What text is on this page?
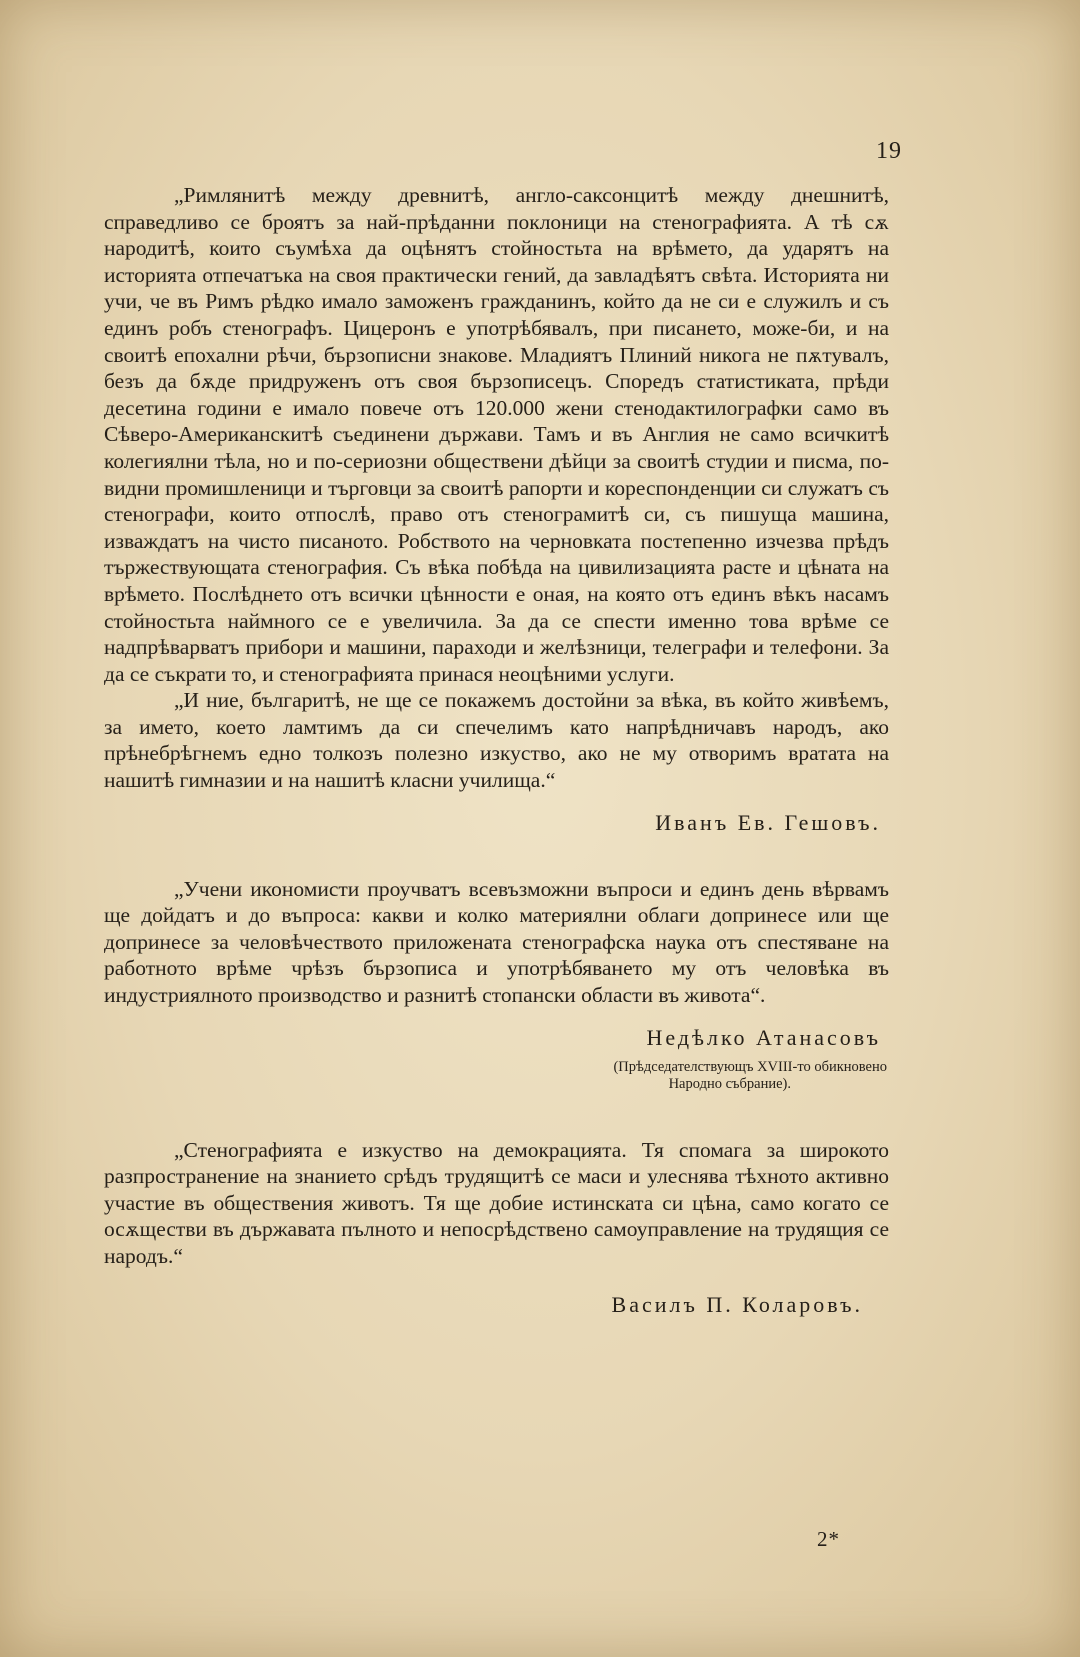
19

„Римлянитѣ между древнитѣ, англо-саксонцитѣ между днешнитѣ, справедливо се броятъ за най-прѣданни поклоници на стенографията. А тѣ сѫ народитѣ, които съумѣха да оцѣнятъ стойностьта на врѣмето, да ударятъ на историята отпечатъка на своя практически гений, да завладѣятъ свѣта. Историята ни учи, че въ Римъ рѣдко имало заможенъ гражданинъ, който да не си е служилъ и съ единъ робъ стенографъ. Цицеронъ е употрѣбявалъ, при писането, може-би, и на своитѣ епохални рѣчи, бързописни знакове. Младиятъ Плиний никога не пѫтувалъ, безъ да бѫде придруженъ отъ своя бързописецъ. Споредъ статистиката, прѣди десетина години е имало повече отъ 120.000 жени стенодактилографки само въ Сѣверо-Американскитѣ съединени държави. Тамъ и въ Англия не само всичкитѣ колегиялни тѣла, но и по-сериозни обществени дѣйци за своитѣ студии и писма, по-видни промишленици и търговци за своитѣ рапорти и кореспонденции си служатъ съ стенографи, които отпослѣ, право отъ стенограмитѣ си, съ пишуща машина, изваждатъ на чисто писаното. Робството на черновката постепенно изчезва прѣдъ тържествующата стенография. Съ вѣка побѣда на цивилизацията расте и цѣната на врѣмето. Послѣднето отъ всички цѣнности е оная, на която отъ единъ вѣкъ насамъ стойностьта наймного се е увеличила. За да се спести именно това врѣме се надпрѣварватъ прибори и машини, параходи и желѣзници, телеграфи и телефони. За да се съкрати то, и стенографията принася неоцѣними услуги.

„И ние, българитѣ, не ще се покажемъ достойни за вѣка, въ който живѣемъ, за името, което ламтимъ да си спечелимъ като напрѣдничавъ народъ, ако прѣнебрѣгнемъ едно толкозъ полезно изкуство, ако не му отворимъ вратата на нашитѣ гимназии и на нашитѣ класни училища.“

Иванъ Ев. Гешовъ.

„Учени икономисти проучватъ всевъзможни въпроси и единъ день вѣрвамъ ще дойдатъ и до въпроса: какви и колко материялни облаги допринесе или ще допринесе за человѣчеството приложената стенографска наука отъ спестяване на работното врѣме чрѣзъ бързописа и употрѣбяването му отъ человѣка въ индустриялното производство и разнитѣ стопански области въ живота“.

Недѣлко Атанасовъ
(Прѣдседателствующъ XVIII-то обикновено
Народно събрание).

„Стенографията е изкуство на демокрацията. Тя спомага за широкото разпространение на знанието срѣдъ трудящитѣ се маси и улеснява тѣхното активно участие въ обществения животъ. Тя ще добие истинската си цѣна, само когато се осѫществи въ държавата пълното и непосрѣдствено самоуправление на трудящия се народъ.“

Василъ П. Коларовъ.
2*
